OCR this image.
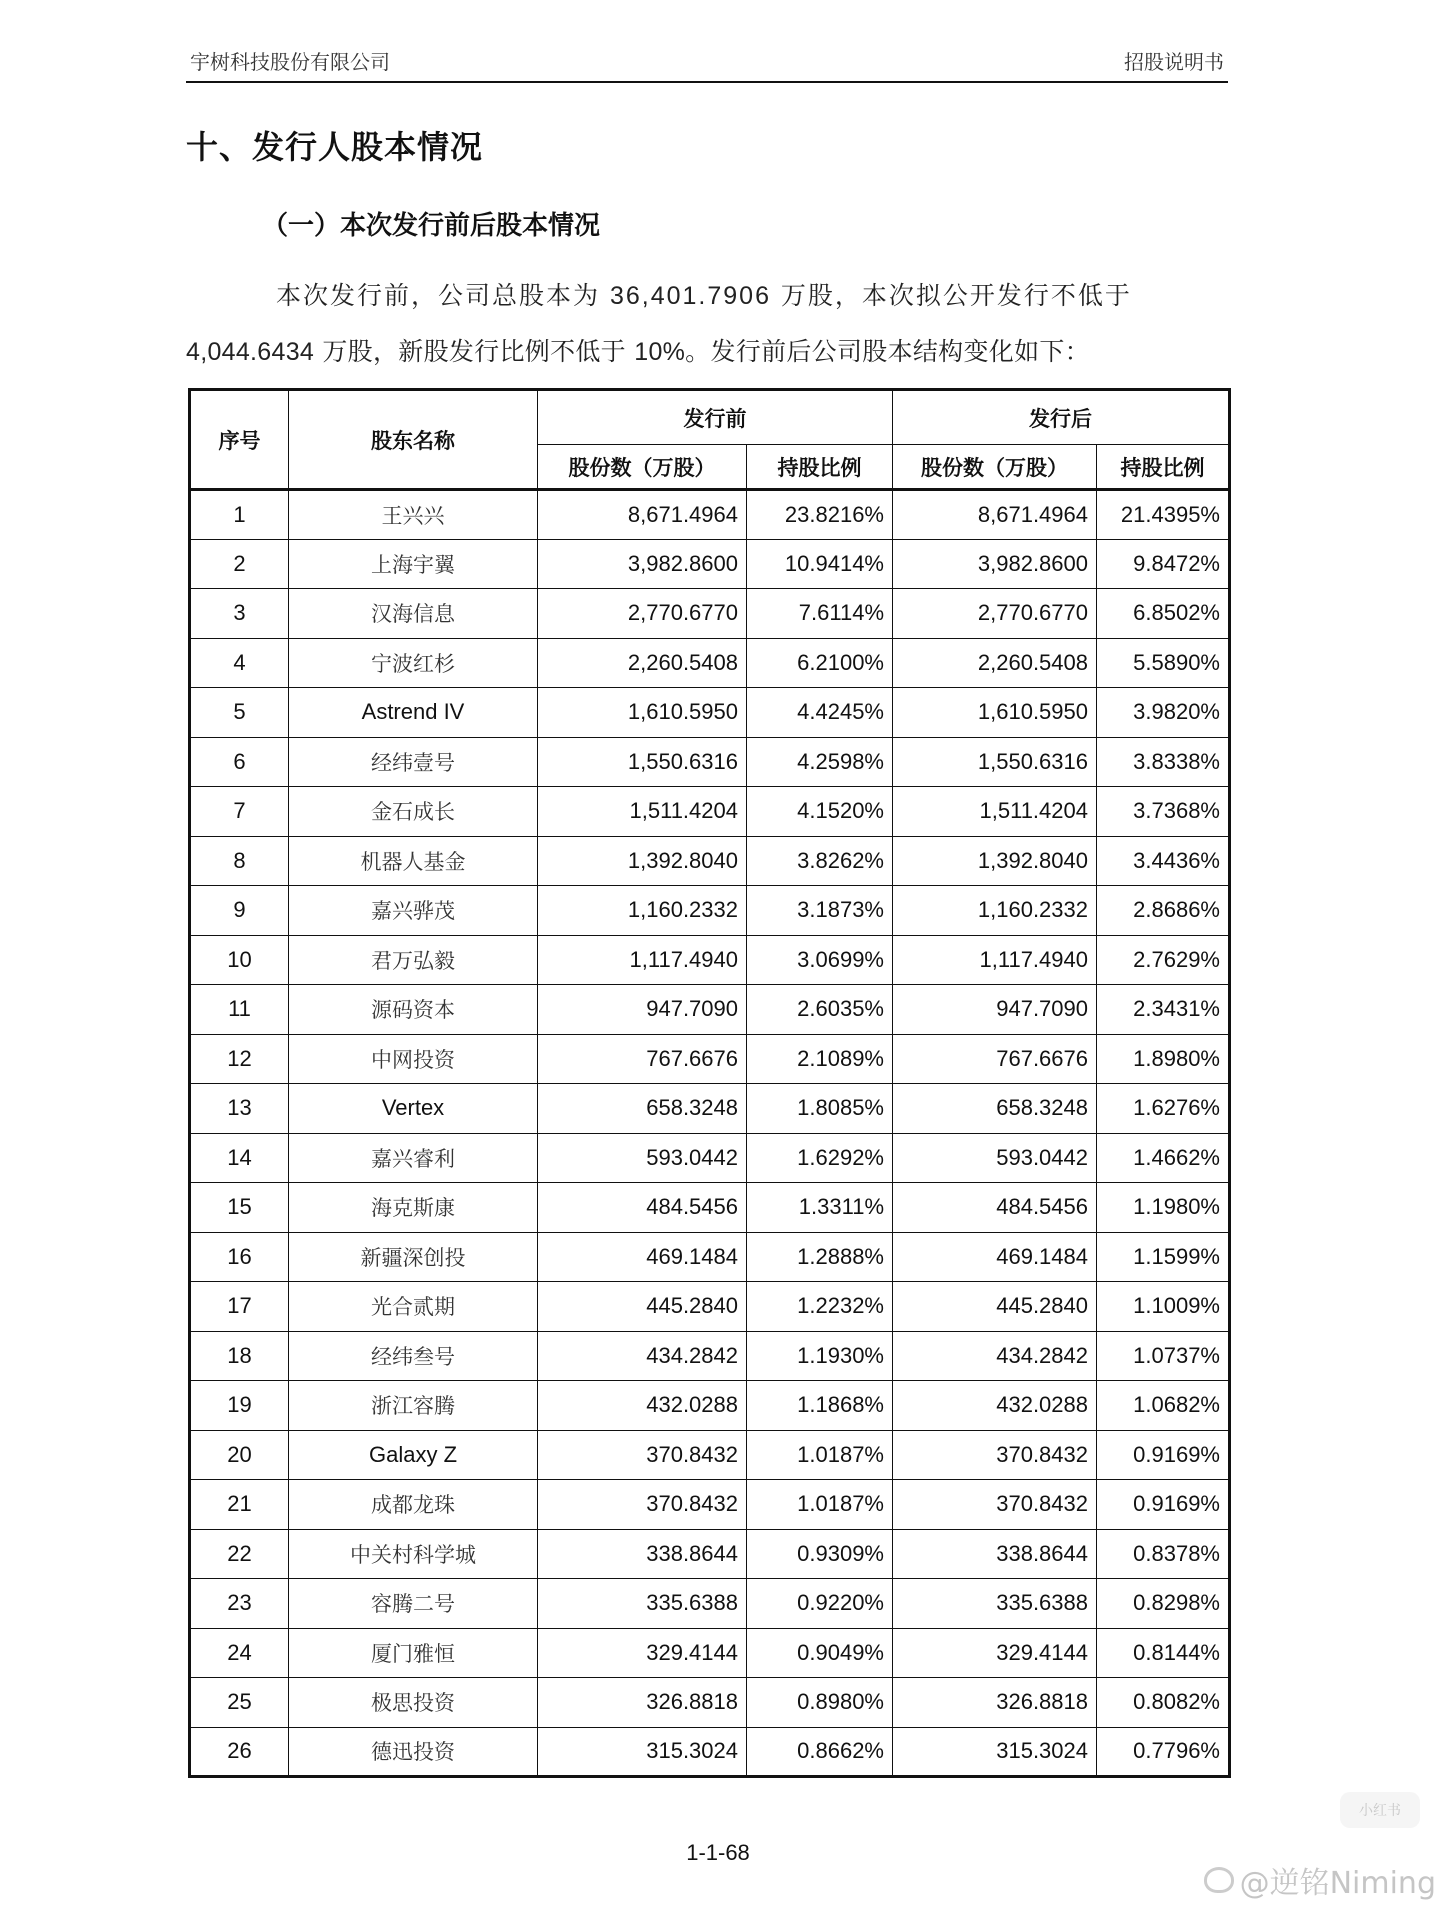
宇树科技股份有限公司	招股说明书
十、发行人股本情况
（一）本次发行前后股本情况
本次发行前，公司总股本为 36,401.7906 万股，本次拟公开发行不低于
4,044.6434 万股，新股发行比例不低于 10%。发行前后公司股本结构变化如下：
序号	股东名称	发行前		发行后	
		股份数（万股）	持股比例	股份数（万股）	持股比例
1	王兴兴	8,671.4964	23.8216%	8,671.4964	21.4395%
2	上海宇翼	3,982.8600	10.9414%	3,982.8600	9.8472%
3	汉海信息	2,770.6770	7.6114%	2,770.6770	6.8502%
4	宁波红杉	2,260.5408	6.2100%	2,260.5408	5.5890%
5	Astrend IV	1,610.5950	4.4245%	1,610.5950	3.9820%
6	经纬壹号	1,550.6316	4.2598%	1,550.6316	3.8338%
7	金石成长	1,511.4204	4.1520%	1,511.4204	3.7368%
8	机器人基金	1,392.8040	3.8262%	1,392.8040	3.4436%
9	嘉兴骅茂	1,160.2332	3.1873%	1,160.2332	2.8686%
10	君万弘毅	1,117.4940	3.0699%	1,117.4940	2.7629%
11	源码资本	947.7090	2.6035%	947.7090	2.3431%
12	中网投资	767.6676	2.1089%	767.6676	1.8980%
13	Vertex	658.3248	1.8085%	658.3248	1.6276%
14	嘉兴睿利	593.0442	1.6292%	593.0442	1.4662%
15	海克斯康	484.5456	1.3311%	484.5456	1.1980%
16	新疆深创投	469.1484	1.2888%	469.1484	1.1599%
17	光合贰期	445.2840	1.2232%	445.2840	1.1009%
18	经纬叁号	434.2842	1.1930%	434.2842	1.0737%
19	浙江容腾	432.0288	1.1868%	432.0288	1.0682%
20	Galaxy Z	370.8432	1.0187%	370.8432	0.9169%
21	成都龙珠	370.8432	1.0187%	370.8432	0.9169%
22	中关村科学城	338.8644	0.9309%	338.8644	0.8378%
23	容腾二号	335.6388	0.9220%	335.6388	0.8298%
24	厦门雅恒	329.4144	0.9049%	329.4144	0.8144%
25	极思投资	326.8818	0.8980%	326.8818	0.8082%
26	德迅投资	315.3024	0.8662%	315.3024	0.7796%
1-1-68
小红书
@逆铭Niming
